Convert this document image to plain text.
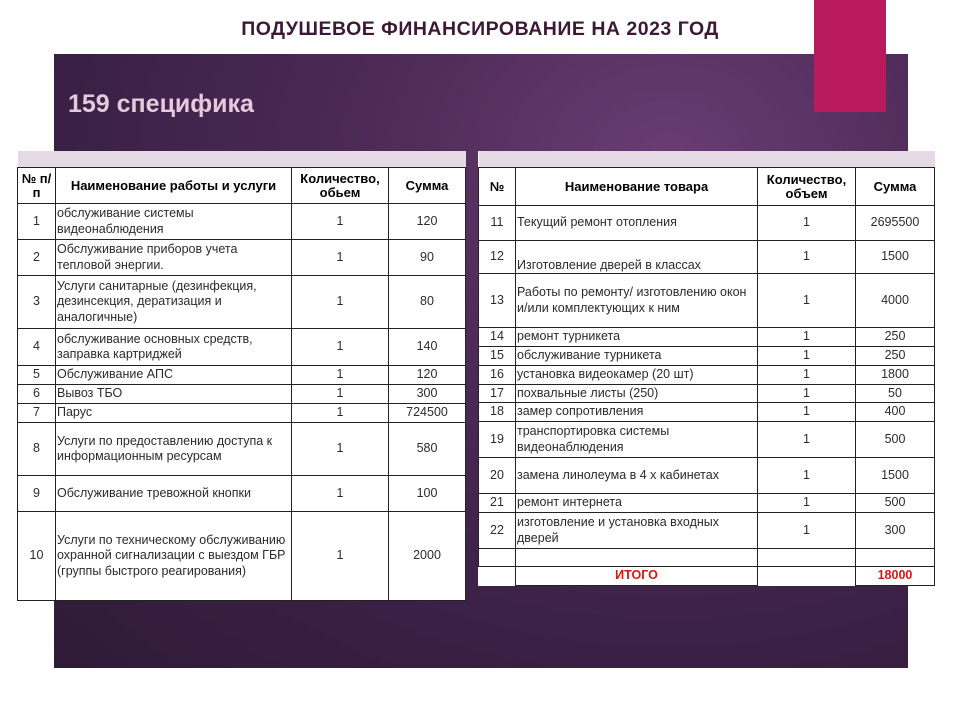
ПОДУШЕВОЕ ФИНАНСИРОВАНИЕ НА 2023 ГОД
159 специфика

№ п/п	Наименование работы и услуги	Количество, обьем	Сумма
1	обслуживание системы видеонаблюдения	1	120
2	Обслуживание приборов учета тепловой энергии.	1	90
3	Услуги санитарные (дезинфекция, дезинсекция, дератизация и аналогичные)	1	80
4	обслуживание основных средств, заправка картриджей	1	140
5	Обслуживание АПС	1	120
6	Вывоз ТБО	1	300
7	Парус	1	724500
8	Услуги по предоставлению доступа к информационным ресурсам	1	580
9	Обслуживание тревожной кнопки	1	100
10	Услуги по техническому обслуживанию охранной сигнализации с выездом ГБР (группы быстрого реагирования)	1	2000

№	Наименование товара	Количество, объем	Сумма
11	Текущий ремонт отопления	1	2695500
12	Изготовление дверей в классах	1	1500
13	Работы по ремонту/ изготовлению окон и/или комплектующих к ним	1	4000
14	ремонт турникета	1	250
15	обслуживание турникета	1	250
16	установка видеокамер (20 шт)	1	1800
17	похвальные листы (250)	1	50
18	замер сопротивления	1	400
19	транспортировка системы видеонаблюдения	1	500
20	замена линолеума в 4 х кабинетах	1	1500
21	ремонт интернета	1	500
22	изготовление и установка входных дверей	1	300

	ИТОГО		18000
